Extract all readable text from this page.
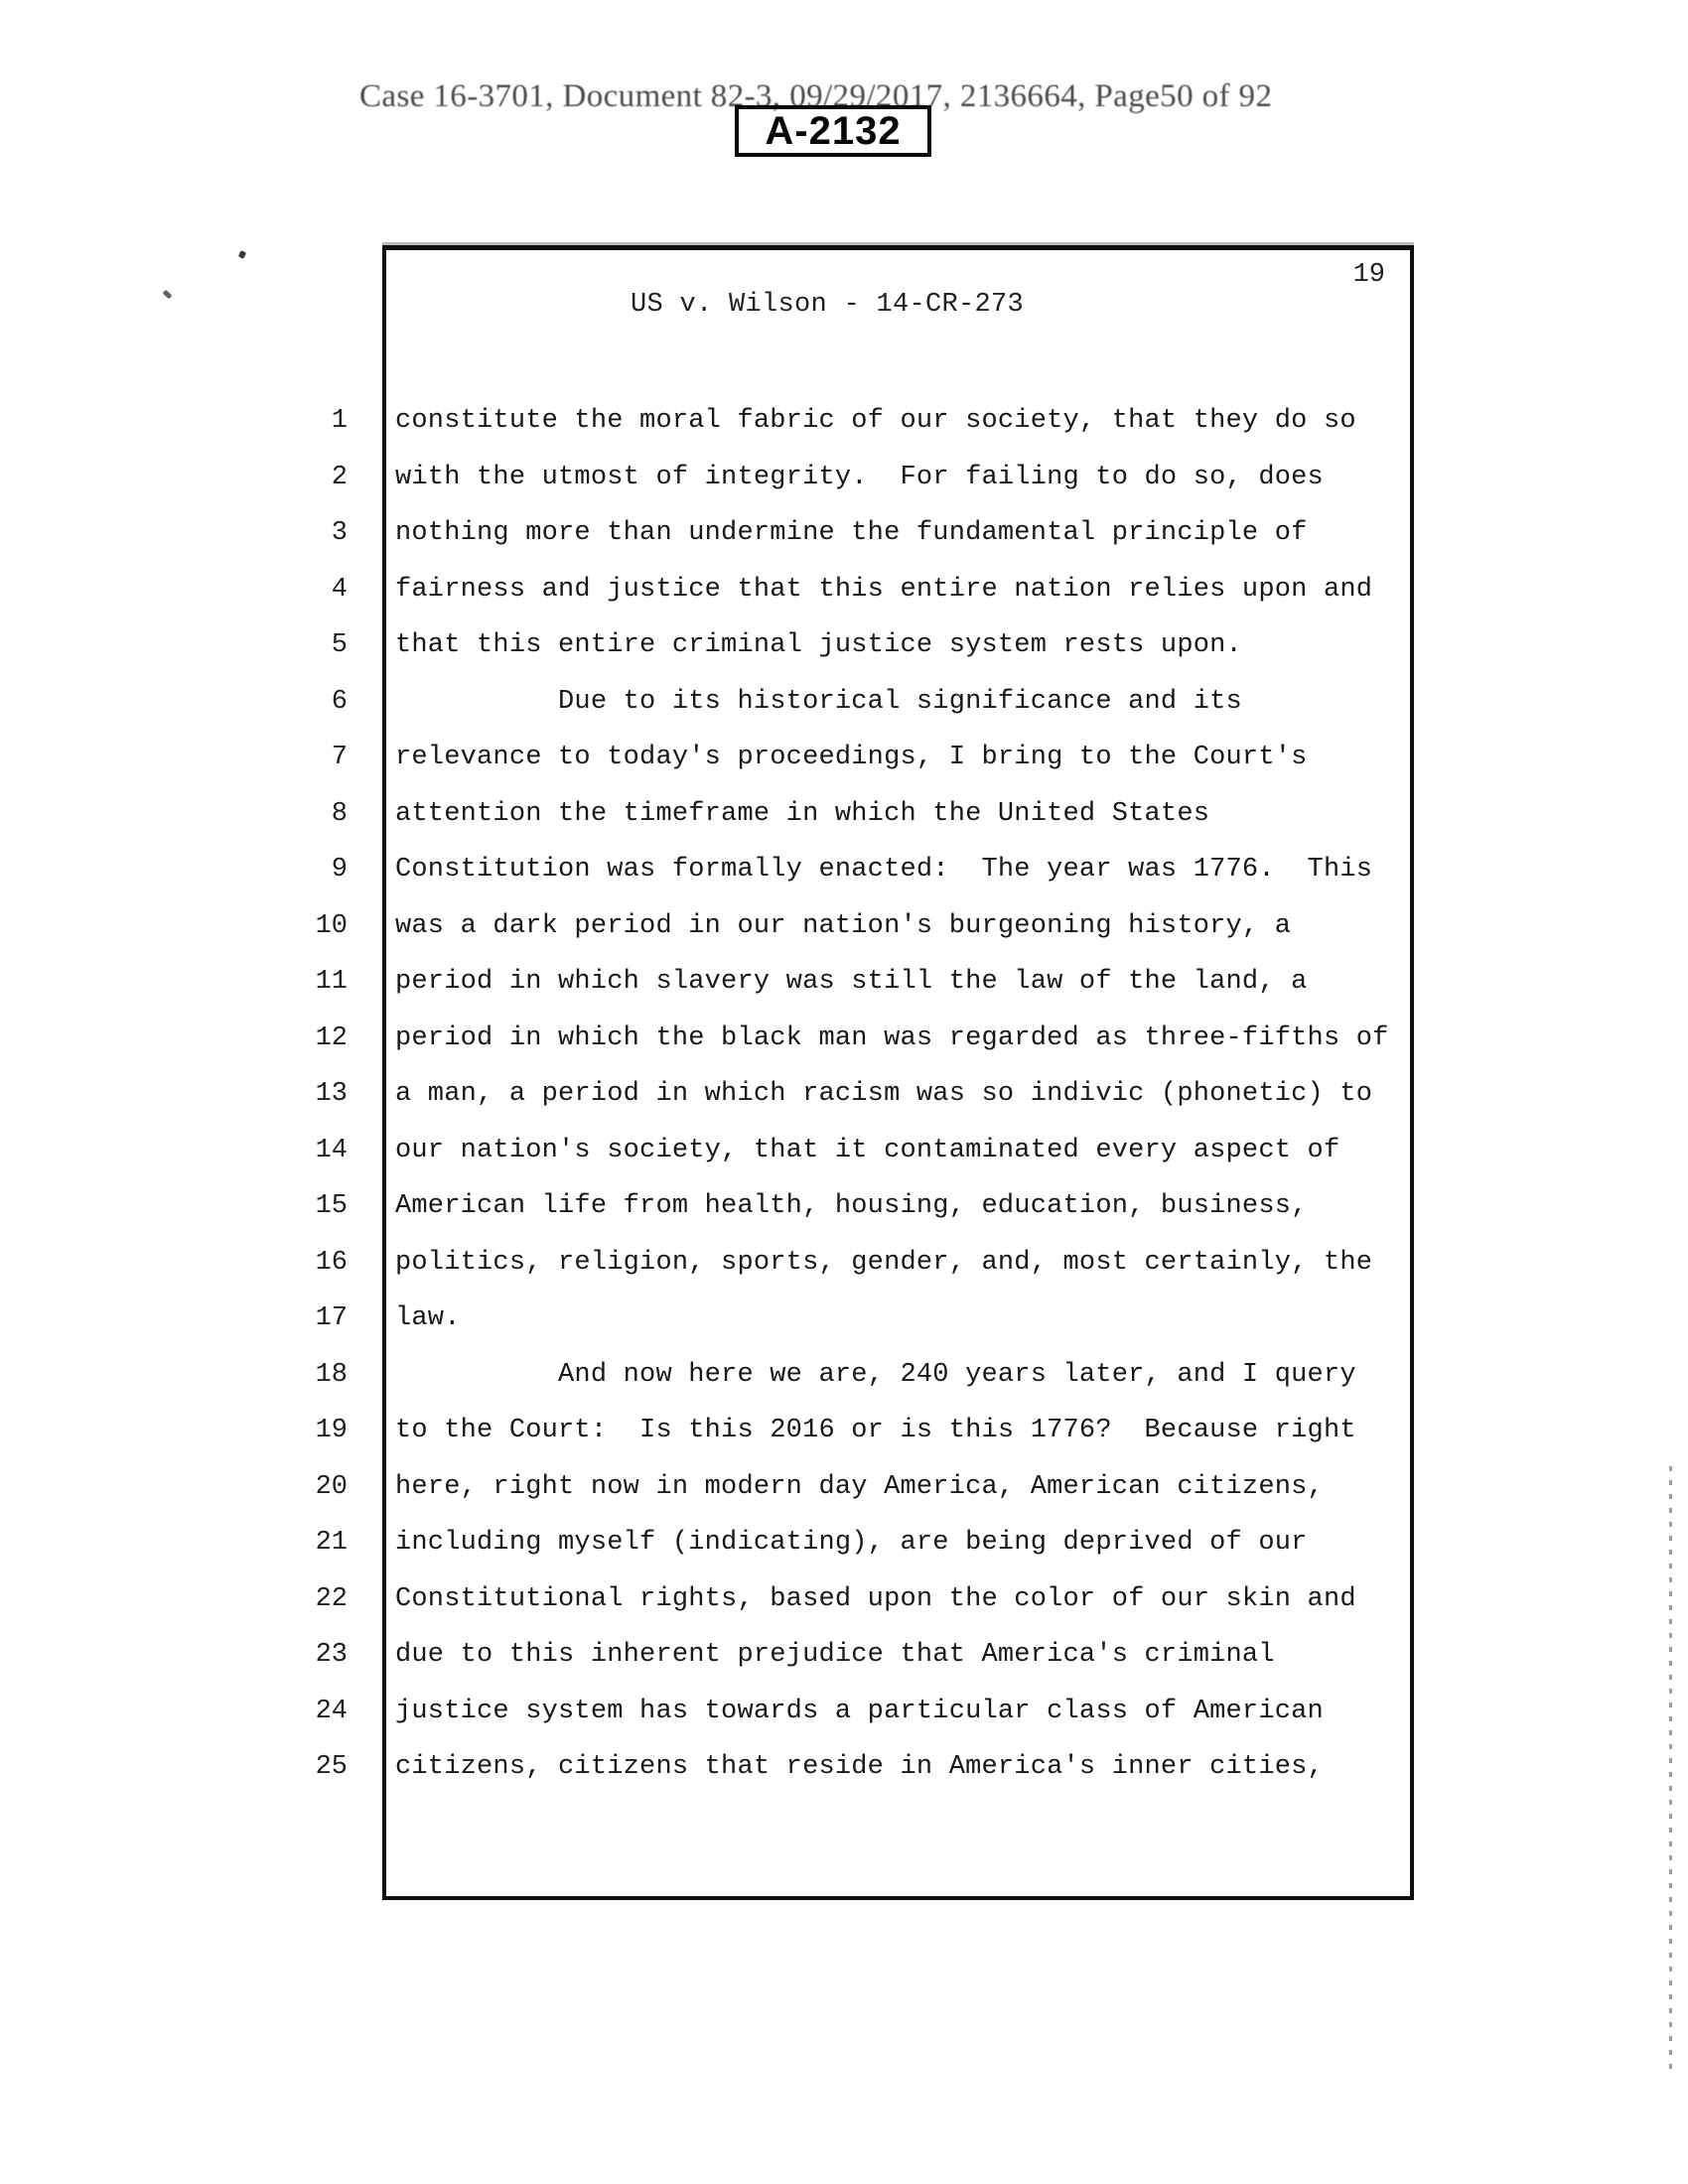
Case 16-3701, Document 82-3, 09/29/2017, 2136664, Page50 of 92
A-2132
19
US v. Wilson - 14-CR-273
1 constitute the moral fabric of our society, that they do so
2 with the utmost of integrity.  For failing to do so, does
3 nothing more than undermine the fundamental principle of
4 fairness and justice that this entire nation relies upon and
5 that this entire criminal justice system rests upon.
6 Due to its historical significance and its
7 relevance to today's proceedings, I bring to the Court's
8 attention the timeframe in which the United States
9 Constitution was formally enacted:  The year was 1776.  This
10 was a dark period in our nation's burgeoning history, a
11 period in which slavery was still the law of the land, a
12 period in which the black man was regarded as three-fifths of
13 a man, a period in which racism was so indivic (phonetic) to
14 our nation's society, that it contaminated every aspect of
15 American life from health, housing, education, business,
16 politics, religion, sports, gender, and, most certainly, the
17 law.
18 And now here we are, 240 years later, and I query
19 to the Court:  Is this 2016 or is this 1776?  Because right
20 here, right now in modern day America, American citizens,
21 including myself (indicating), are being deprived of our
22 Constitutional rights, based upon the color of our skin and
23 due to this inherent prejudice that America's criminal
24 justice system has towards a particular class of American
25 citizens, citizens that reside in America's inner cities,
